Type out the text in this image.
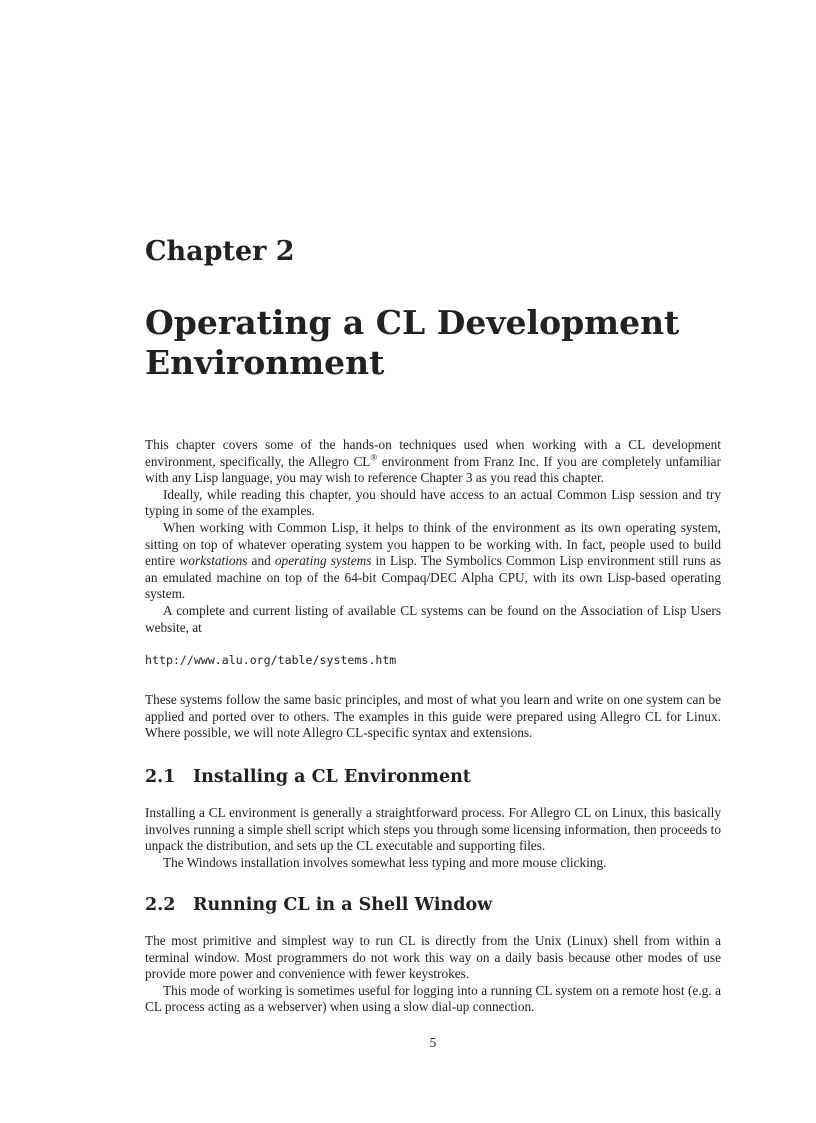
Chapter 2
Operating a CL Development Environment

This chapter covers some of the hands-on techniques used when working with a CL development environment, specifically, the Allegro CL® environment from Franz Inc. If you are completely unfamiliar with any Lisp language, you may wish to reference Chapter 3 as you read this chapter.

Ideally, while reading this chapter, you should have access to an actual Common Lisp session and try typing in some of the examples.

When working with Common Lisp, it helps to think of the environment as its own operating system, sitting on top of whatever operating system you happen to be working with. In fact, people used to build entire workstations and operating systems in Lisp. The Symbolics Common Lisp environment still runs as an emulated machine on top of the 64-bit Compaq/DEC Alpha CPU, with its own Lisp-based operating system.

A complete and current listing of available CL systems can be found on the Association of Lisp Users website, at

http://www.alu.org/table/systems.htm

These systems follow the same basic principles, and most of what you learn and write on one system can be applied and ported over to others. The examples in this guide were prepared using Allegro CL for Linux. Where possible, we will note Allegro CL-specific syntax and extensions.

2.1 Installing a CL Environment

Installing a CL environment is generally a straightforward process. For Allegro CL on Linux, this basically involves running a simple shell script which steps you through some licensing information, then proceeds to unpack the distribution, and sets up the CL executable and supporting files.

The Windows installation involves somewhat less typing and more mouse clicking.

2.2 Running CL in a Shell Window

The most primitive and simplest way to run CL is directly from the Unix (Linux) shell from within a terminal window. Most programmers do not work this way on a daily basis because other modes of use provide more power and convenience with fewer keystrokes.

This mode of working is sometimes useful for logging into a running CL system on a remote host (e.g. a CL process acting as a webserver) when using a slow dial-up connection.

5
